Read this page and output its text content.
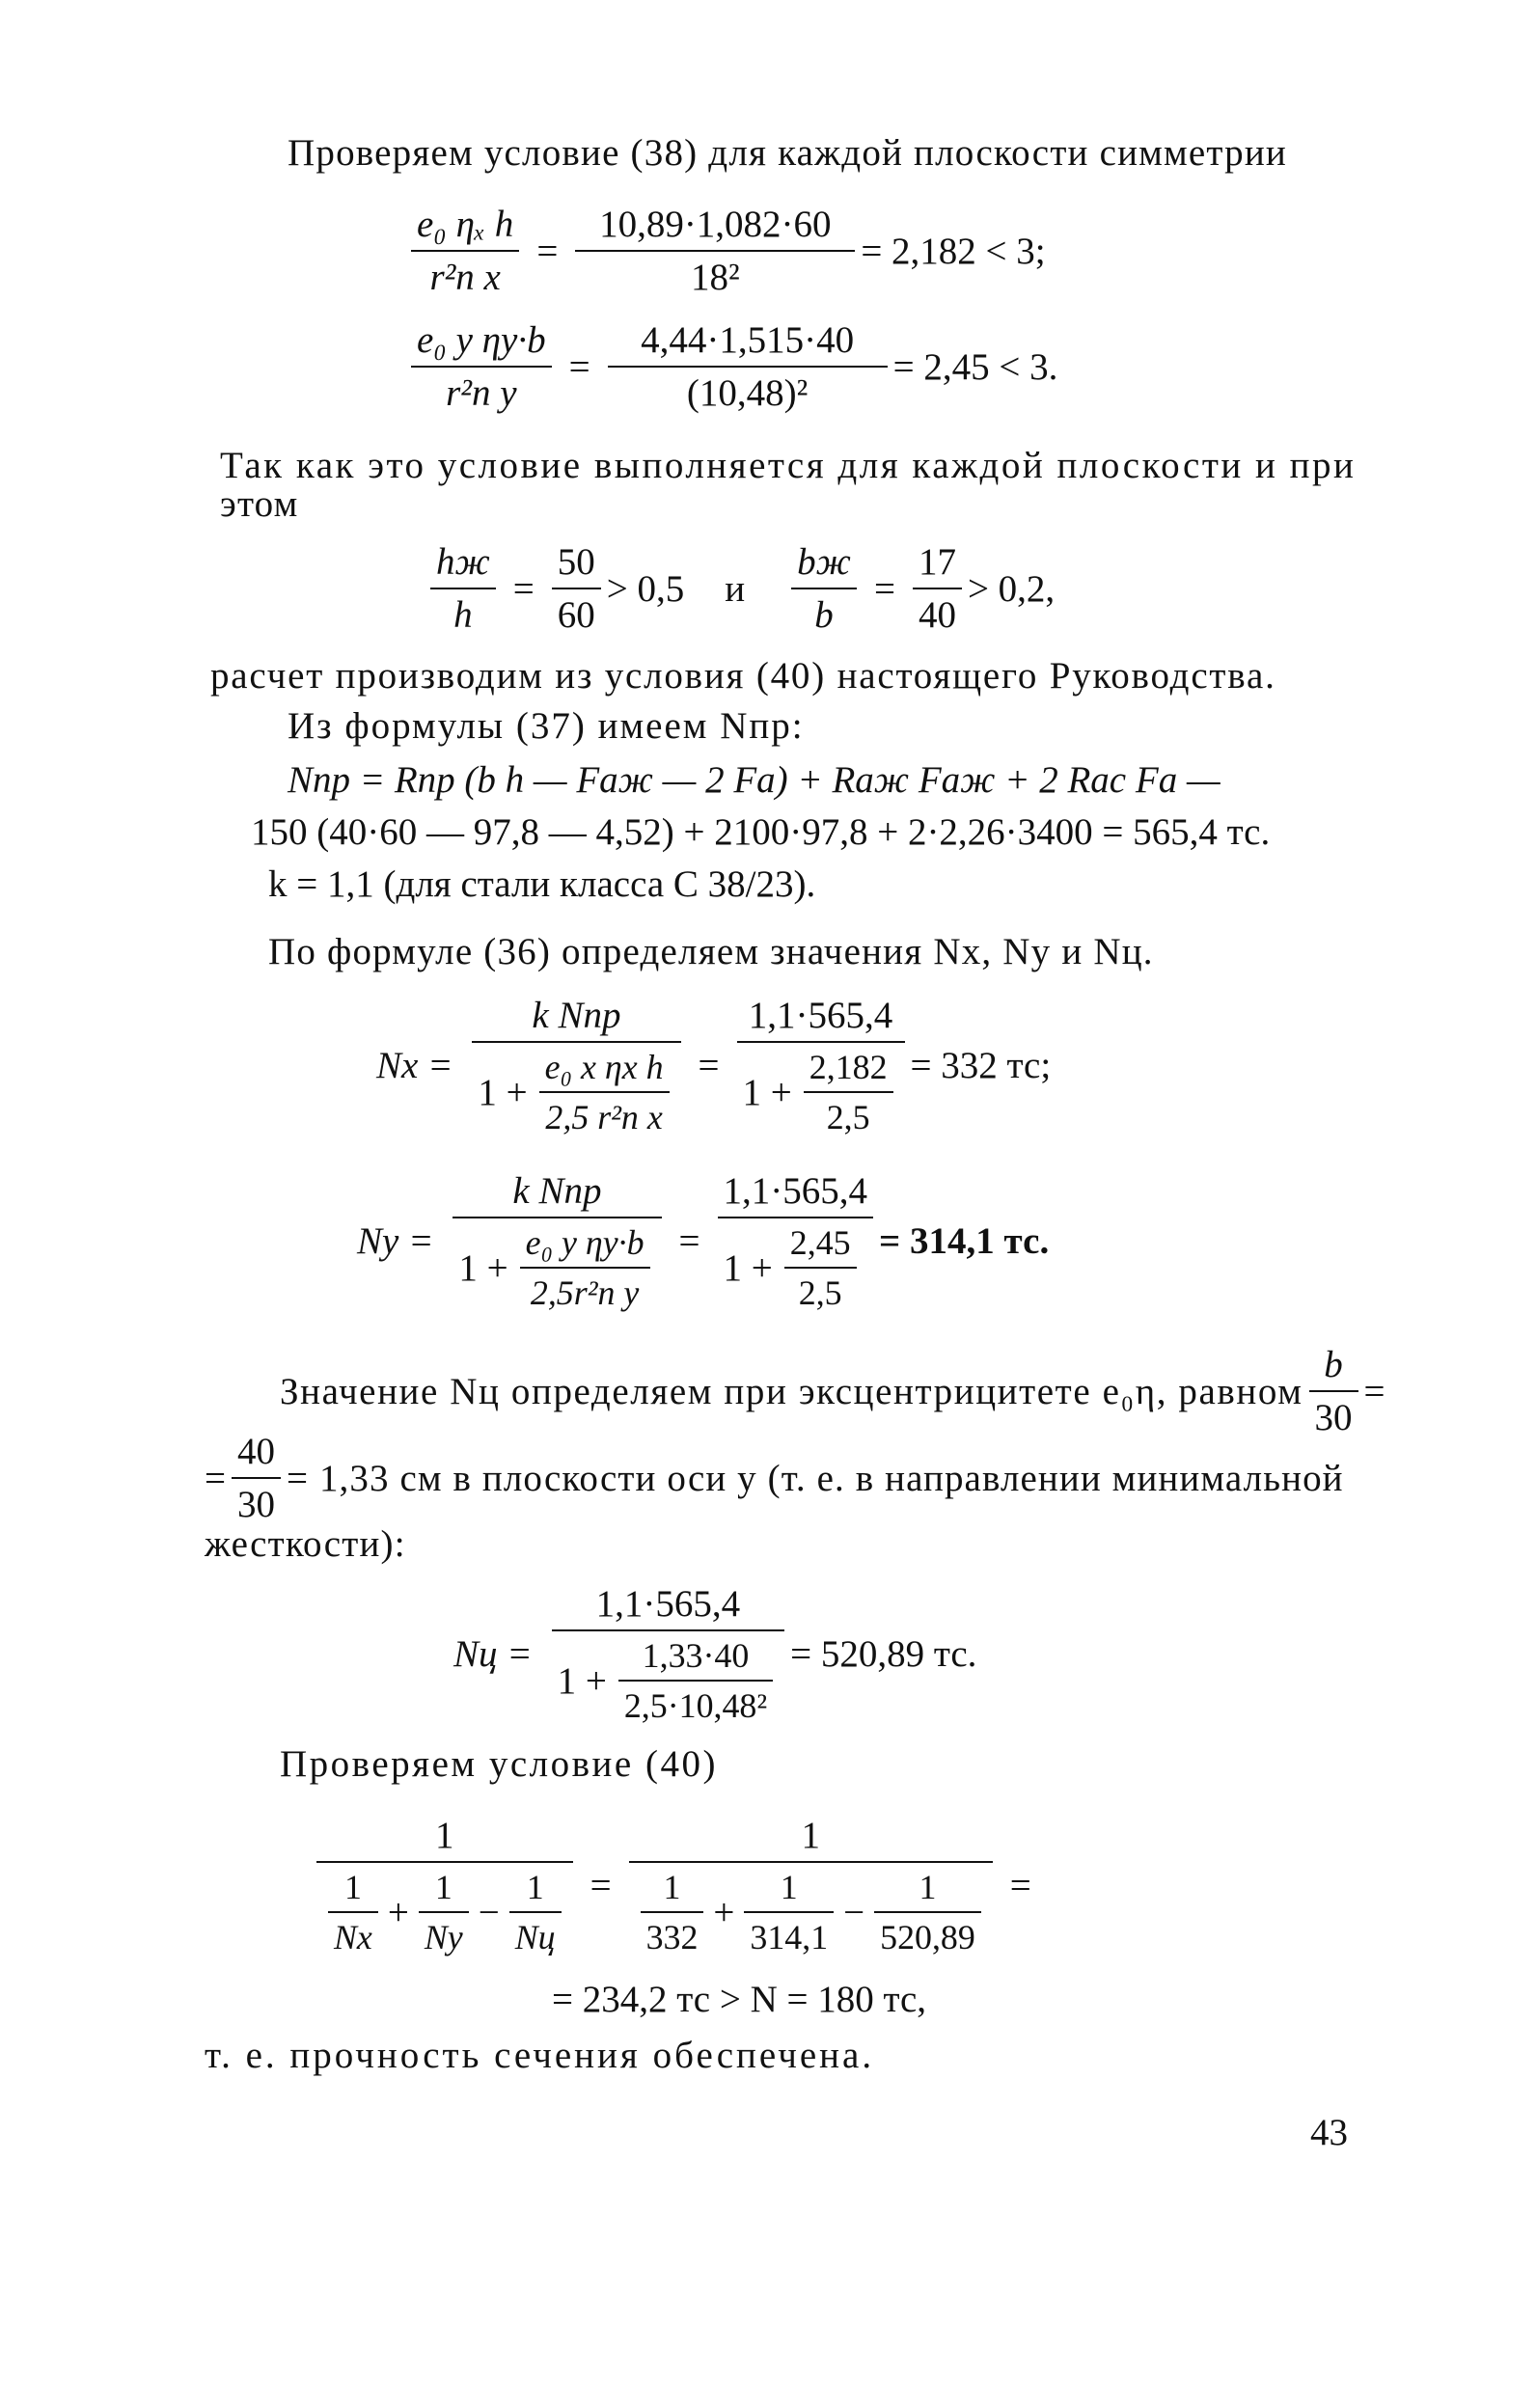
Проверяем условие (38) для каждой плоскости симметрии
$\frac{\text{e₀ ηₓ h}}{\text{r²п x}} = \frac{10,89\cdot 1,082\cdot 60}{\text{18²}} = 2,182 < 3$;
$\frac{\text{e₀ y ηy·b}}{\text{r²п y}} = \frac{4,44\cdot 1,515\cdot 40}{\text{(10,48)²}} = 2,45 < 3$.
Так как это условие выполняется для каждой плоскости и при
этом
$\frac{hж}{h} = \frac{50}{60} > 0,5$ и $\frac{bж}{b} = \frac{17}{40} > 0,2$,
расчет производим из условия (40) настоящего Руководства.
Из формулы (37) имеем Nпр:
Nпр = Rпр (b h — Fаж — 2 Fа) + Rаж Fаж + 2 Rас Fа —
150 (40·60 — 97,8 — 4,52) + 2100·97,8 + 2·2,26·3400 = 565,4 тс.
k = 1,1 (для стали класса С 38/23).
По формуле (36) определяем значения Nx, Ny и Nц.
$Nx = \frac{\text{k Nпр}}{1 + \frac{\text{e₀ x ηx h}}{\text{2,5 r²п x}}} = \frac{1,1\cdot 565,4}{1 + \frac{2,182}{2,5}} = 332$ тс;
$Ny = \frac{\text{k Nпр}}{1 + \frac{\text{e₀ y ηy·b}}{\text{2,5r²п y}}} = \frac{1,1\cdot 565,4}{1 + \frac{2,45}{2,5}} = 314,1$ тс.
Значение Nц определяем при эксцентрицитете e₀η, равном $\frac{b}{30}$ =
= $\frac{40}{30} = 1,33$ см в плоскости оси y (т. е. в направлении минимальной
жесткости):
Nц = $\frac{1,1\cdot 565,4}{1 + \frac{1,33\cdot 40}{\text{2,5·10,48²}}} = 520,89$ тс.
Проверяем условие (40)
$\frac{1}{\frac{1}{Nx} + \frac{1}{Ny} - \frac{1}{Nц}} = \frac{1}{\frac{1}{332} + \frac{1}{314,1} - \frac{1}{520,89}}$ =
= 234,2 тс > N = 180 тс,
т. е. прочность сечения обеспечена.
43
